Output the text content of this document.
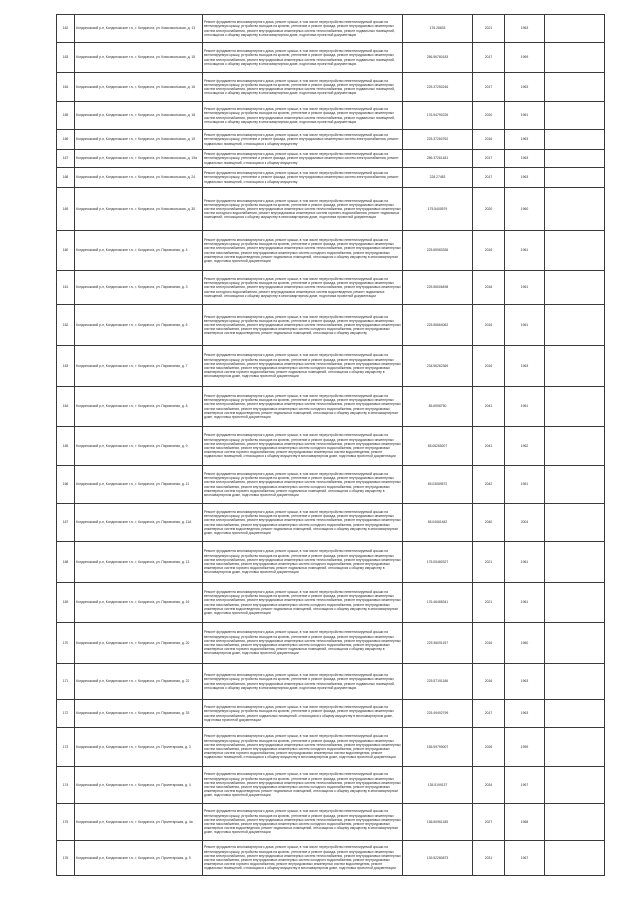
162	Кондопожский р-н, Кондопожское г.п., г. Кондопога, ул. Комсомольская, д. 13	Ремонт фундамента многоквартирного дома, ремонт крыши, в том числе переустройство невентилируемой крыши на вентилируемую крышу, устройство выходов на кровлю, утепление и ремонт фасада, ремонт внутридомовых инженерных систем электроснабжения, ремонт внутридомовых инженерных систем теплоснабжения, ремонт подвальных помещений, относящихся к общему имуществу в многоквартирном доме, подготовка проектной документации	176.26633	2021	1963	
163	Кондопожский р-н, Кондопожское г.п., г. Кондопога, ул. Комсомольская, д. 15	Ремонт фундамента многоквартирного дома, ремонт крыши, в том числе переустройство невентилируемой крыши на вентилируемую крышу, устройство выходов на кровлю, утепление и ремонт фасада, ремонт внутридомовых инженерных систем электроснабжения, ремонт внутридомовых инженерных систем теплоснабжения, ремонт подвальных помещений, относящихся к общему имуществу в многоквартирном доме, подготовка проектной документации	256.56780183	2017	1969	
164	Кондопожский р-н, Кондопожское г.п., г. Кондопога, ул. Комсомольская, д. 16	Ремонт фундамента многоквартирного дома, ремонт крыши, в том числе переустройство невентилируемой крыши на вентилируемую крышу, устройство выходов на кровлю, утепление и ремонт фасада, ремонт внутридомовых инженерных систем электроснабжения, ремонт внутридомовых инженерных систем теплоснабжения, ремонт подвальных помещений, относящихся к общему имуществу в многоквартирном доме, подготовка проектной документации	225.37250246	2017	1963	
165	Кондопожский р-н, Кондопожское г.п., г. Кондопога, ул. Комсомольская, д. 18	Ремонт фундамента многоквартирного дома, ремонт крыши, в том числе переустройство невентилируемой крыши на вентилируемую крышу, устройство выходов на кровлю, утепление и ремонт фасада, ремонт внутридомовых инженерных систем электроснабжения, ремонт внутридомовых инженерных систем теплоснабжения, ремонт подвальных помещений, относящихся к общему имуществу в многоквартирном доме, подготовка проектной документации	176.54790226	2020	1961	
166	Кондопожский р-н, Кондопожское г.п., г. Кондопога, ул. Комсомольская, д. 19	Ремонт фундамента многоквартирного дома, ремонт крыши, в том числе переустройство невентилируемой крыши на вентилируемую крышу, утепление и ремонт фасада, ремонт внутридомовых инженерных систем электроснабжения, ремонт подвальных помещений, относящихся к общему имуществу	225.37260762	2016	1963	
167	Кондопожский р-н, Кондопожское г.п., г. Кондопога, ул. Комсомольская, д. 19а	Ремонт фундамента многоквартирного дома, ремонт крыши, в том числе переустройство невентилируемой крыши на вентилируемую крышу, утепление и ремонт фасада, ремонт внутридомовых инженерных систем электроснабжения, ремонт подвальных помещений, относящихся к общему имуществу	256.37261481	2017	1963	
168	Кондопожский р-н, Кондопожское г.п., г. Кондопога, ул. Комсомольская, д. 24	Ремонт фундамента многоквартирного дома, ремонт крыши, в том числе переустройство невентилируемой крыши на вентилируемую крышу, утепление и ремонт фасада, ремонт внутридомовых инженерных систем электроснабжения, ремонт подвальных помещений, относящихся к общему имуществу	228.27483	2017	1963	
169	Кондопожский р-н, Кондопожское г.п., г. Кондопога, ул. Комсомольская, д. 30	Ремонт фундамента многоквартирного дома, ремонт крыши, в том числе переустройство невентилируемой крыши на вентилируемую крышу, устройство выходов на кровлю, утепление и ремонт фасада, ремонт внутридомовых инженерных систем электроснабжения, ремонт внутридомовых инженерных систем теплоснабжения, ремонт внутридомовых инженерных систем холодного водоснабжения, ремонт внутридомовых инженерных систем горячего водоснабжения, ремонт подвальных помещений, относящихся к общему имуществу в многоквартирном доме, подготовка проектной документации	175.5400579	2020	1960	
160	Кондопожский р-н, Кондопожское г.п., г. Кондопога, ул. Паровозная, д. 4	Ремонт фундамента многоквартирного дома, ремонт крыши, в том числе переустройство невентилируемой крыши на вентилируемую крышу, устройство выходов на кровлю, утепление и ремонт фасада, ремонт внутридомовых инженерных систем электроснабжения, ремонт внутридомовых инженерных систем теплоснабжения, ремонт внутридомовых инженерных систем газоснабжения, ремонт внутридомовых инженерных систем холодного водоснабжения, ремонт внутридомовых инженерных систем водоотведения, ремонт подвальных помещений, относящихся к общему имуществу в многоквартирном доме, подготовка проектной документации	225.85983336	2016	1961	
161	Кондопожский р-н, Кондопожское г.п., г. Кондопога, ул. Паровозная, д. 3	Ремонт фундамента многоквартирного дома, ремонт крыши, в том числе переустройство невентилируемой крыши на вентилируемую крышу, устройство выходов на кровлю, утепление и ремонт фасада, ремонт внутридомовых инженерных систем электроснабжения, ремонт внутридомовых инженерных систем теплоснабжения, ремонт внутридомовых инженерных систем холодного водоснабжения, ремонт внутридомовых инженерных систем водоотведения, ремонт подвальных помещений, относящихся к общему имуществу в многоквартирном доме, подготовка проектной документации	225.56006498	2018	1961	
162	Кондопожский р-н, Кондопожское г.п., г. Кондопога, ул. Паровозная, д. 6	Ремонт фундамента многоквартирного дома, ремонт крыши, в том числе переустройство невентилируемой крыши на вентилируемую крышу, устройство выходов на кровлю, утепление и ремонт фасада, ремонт внутридомовых инженерных систем электроснабжения, ремонт внутридомовых инженерных систем теплоснабжения, ремонт внутридомовых инженерных систем газоснабжения, ремонт внутридомовых инженерных систем холодного водоснабжения, ремонт внутридомовых инженерных систем водоотведения, ремонт подвальных помещений, относящихся к общему имуществу	225.56664062	2016	1961	
163	Кондопожский р-н, Кондопожское г.п., г. Кондопога, ул. Паровозная, д. 7	Ремонт фундамента многоквартирного дома, ремонт крыши, в том числе переустройство невентилируемой крыши на вентилируемую крышу, устройство выходов на кровлю, утепление и ремонт фасада, ремонт внутридомовых инженерных систем электроснабжения, ремонт внутридомовых инженерных систем теплоснабжения, ремонт внутридомовых инженерных систем газоснабжения, ремонт внутридомовых инженерных систем холодного водоснабжения, ремонт внутридомовых инженерных систем горячего водоснабжения, ремонт подвальных помещений, относящихся к общему имуществу в многоквартирном доме, подготовка проектной документации	234.56262369	2016	1963	
164	Кондопожский р-н, Кондопожское г.п., г. Кондопога, ул. Паровозная, д. 8	Ремонт фундамента многоквартирного дома, ремонт крыши, в том числе переустройство невентилируемой крыши на вентилируемую крышу, устройство выходов на кровлю, утепление и ремонт фасада, ремонт внутридомовых инженерных систем электроснабжения, ремонт внутридомовых инженерных систем теплоснабжения, ремонт внутридомовых инженерных систем газоснабжения, ремонт внутридомовых инженерных систем холодного водоснабжения, ремонт внутридомовых инженерных систем водоотведения, ремонт подвальных помещений, относящихся к общему имуществу в многоквартирном доме, подготовка проектной документации	85.6598750	2041	1961	
165	Кондопожский р-н, Кондопожское г.п., г. Кондопога, ул. Паровозная, д. 9	Ремонт фундамента многоквартирного дома, ремонт крыши, в том числе переустройство невентилируемой крыши на вентилируемую крышу, устройство выходов на кровлю, утепление и ремонт фасада, ремонт внутридомовых инженерных систем электроснабжения, ремонт внутридомовых инженерных систем теплоснабжения, ремонт внутридомовых инженерных систем газоснабжения, ремонт внутридомовых инженерных систем холодного водоснабжения, ремонт внутридомовых инженерных систем горячего водоснабжения, ремонт внутридомовых инженерных систем водоотведения, ремонт подвальных помещений, относящихся к общему имуществу в многоквартирном доме, подготовка проектной документации	65.06265207	2041	1962	
166	Кондопожский р-н, Кондопожское г.п., г. Кондопога, ул. Паровозная, д. 11	Ремонт фундамента многоквартирного дома, ремонт крыши, в том числе переустройство невентилируемой крыши на вентилируемую крышу, устройство выходов на кровлю, утепление и ремонт фасада, ремонт внутридомовых инженерных систем электроснабжения, ремонт внутридомовых инженерных систем теплоснабжения, ремонт внутридомовых инженерных систем газоснабжения, ремонт внутридомовых инженерных систем холодного водоснабжения, ремонт внутридомовых инженерных систем горячего водоснабжения, ремонт подвальных помещений, относящихся к общему имуществу в многоквартирном доме, подготовка проектной документации	65.03089572	2042	1961	
167	Кондопожский р-н, Кондопожское г.п., г. Кондопога, ул. Паровозная, д. 11А	Ремонт фундамента многоквартирного дома, ремонт крыши, в том числе переустройство невентилируемой крыши на вентилируемую крышу, устройство выходов на кровлю, утепление и ремонт фасада, ремонт внутридомовых инженерных систем электроснабжения, ремонт внутридомовых инженерных систем теплоснабжения, ремонт внутридомовых инженерных систем газоснабжения, ремонт внутридомовых инженерных систем холодного водоснабжения, ремонт внутридомовых инженерных систем водоотведения, ремонт подвальных помещений, относящихся к общему имуществу в многоквартирном доме, подготовка проектной документации	65.04061482	2040	2004	
168	Кондопожский р-н, Кондопожское г.п., г. Кондопога, ул. Паровозная, д. 13	Ремонт фундамента многоквартирного дома, ремонт крыши, в том числе переустройство невентилируемой крыши на вентилируемую крышу, устройство выходов на кровлю, утепление и ремонт фасада, ремонт внутридомовых инженерных систем электроснабжения, ремонт внутридомовых инженерных систем теплоснабжения, ремонт внутридомовых инженерных систем газоснабжения, ремонт внутридомовых инженерных систем холодного водоснабжения, ремонт внутридомовых инженерных систем горячего водоснабжения, ремонт подвальных помещений, относящихся к общему имуществу в многоквартирном доме, подготовка проектной документации	175.05480327	2021	1961	
169	Кондопожский р-н, Кондопожское г.п., г. Кондопога, ул. Паровозная, д. 16	Ремонт фундамента многоквартирного дома, ремонт крыши, в том числе переустройство невентилируемой крыши на вентилируемую крышу, устройство выходов на кровлю, утепление и ремонт фасада, ремонт внутридомовых инженерных систем электроснабжения, ремонт внутридомовых инженерных систем теплоснабжения, ремонт внутридомовых инженерных систем газоснабжения, ремонт внутридомовых инженерных систем холодного водоснабжения, ремонт внутридомовых инженерных систем водоотведения, ремонт подвальных помещений, относящихся к общему имуществу в многоквартирном доме, подготовка проектной документации	176.46488341	2021	1961	
170	Кондопожский р-н, Кондопожское г.п., г. Кондопога, ул. Паровозная, д. 20	Ремонт фундамента многоквартирного дома, ремонт крыши, в том числе переустройство невентилируемой крыши на вентилируемую крышу, устройство выходов на кровлю, утепление и ремонт фасада, ремонт внутридомовых инженерных систем электроснабжения, ремонт внутридомовых инженерных систем теплоснабжения, ремонт внутридомовых инженерных систем газоснабжения, ремонт внутридомовых инженерных систем холодного водоснабжения, ремонт внутридомовых инженерных систем горячего водоснабжения, ремонт подвальных помещений, относящихся к общему имуществу в многоквартирном доме, подготовка проектной документации	225.36091157	2016	1960	
171	Кондопожский р-н, Кондопожское г.п., г. Кондопога, ул. Паровозная, д. 22	Ремонт фундамента многоквартирного дома, ремонт крыши, в том числе переустройство невентилируемой крыши на вентилируемую крышу, устройство выходов на кровлю, утепление и ремонт фасада, ремонт внутридомовых инженерных систем электроснабжения, ремонт внутридомовых инженерных систем теплоснабжения, ремонт подвальных помещений, относящихся к общему имуществу в многоквартирном доме, подготовка проектной документации	225.57191186	2016	1963	
172	Кондопожский р-н, Кондопожское г.п., г. Кондопога, ул. Паровозная, д. 33	Ремонт фундамента многоквартирного дома, ремонт крыши, в том числе переустройство невентилируемой крыши на вентилируемую крышу, устройство выходов на кровлю, утепление и ремонт фасада, ремонт внутридомовых инженерных систем электроснабжения, ремонт подвальных помещений, относящихся к общему имуществу в многоквартирном доме, подготовка проектной документации	225.49492799	2017	1963	
173	Кондопожский р-н, Кондопожское г.п., г. Кондопога, ул. Пролетарская, д. 3	Ремонт фундамента многоквартирного дома, ремонт крыши, в том числе переустройство невентилируемой крыши на вентилируемую крышу, устройство выходов на кровлю, утепление и ремонт фасада, ремонт внутридомовых инженерных систем электроснабжения, ремонт внутридомовых инженерных систем теплоснабжения, ремонт внутридомовых инженерных систем газоснабжения, ремонт внутридомовых инженерных систем холодного водоснабжения, ремонт внутридомовых инженерных систем горячего водоснабжения, ремонт внутридомовых инженерных систем водоотведения, ремонт подвальных помещений, относящихся к общему имуществу в многоквартирном доме, подготовка проектной документации	155.59799007	2026	1959	
174	Кондопожский р-н, Кондопожское г.п., г. Кондопога, ул. Пролетарская, д. 4	Ремонт фундамента многоквартирного дома, ремонт крыши, в том числе переустройство невентилируемой крыши на вентилируемую крышу, устройство выходов на кровлю, утепление и ремонт фасада, ремонт внутридомовых инженерных систем электроснабжения, ремонт внутридомовых инженерных систем теплоснабжения, ремонт внутридомовых инженерных систем газоснабжения, ремонт внутридомовых инженерных систем холодного водоснабжения, ремонт внутридомовых инженерных систем водоотведения, ремонт подвальных помещений, относящихся к общему имуществу в многоквартирном доме, подготовка проектной документации	135.5199137	2034	1967	
175	Кондопожский р-н, Кондопожское г.п., г. Кондопога, ул. Пролетарская, д. 4а	Ремонт фундамента многоквартирного дома, ремонт крыши, в том числе переустройство невентилируемой крыши на вентилируемую крышу, устройство выходов на кровлю, утепление и ремонт фасада, ремонт внутридомовых инженерных систем электроснабжения, ремонт внутридомовых инженерных систем теплоснабжения, ремонт внутридомовых инженерных систем газоснабжения, ремонт внутридомовых инженерных систем холодного водоснабжения, ремонт внутридомовых инженерных систем водоотведения, ремонт подвальных помещений, относящихся к общему имуществу в многоквартирном доме, подготовка проектной документации	156.50961185	2027	1968	
176	Кондопожский р-н, Кондопожское г.п., г. Кондопога, ул. Пролетарская, д. 5	Ремонт фундамента многоквартирного дома, ремонт крыши, в том числе переустройство невентилируемой крыши на вентилируемую крышу, устройство выходов на кровлю, утепление и ремонт фасада, ремонт внутридомовых инженерных систем электроснабжения, ремонт внутридомовых инженерных систем теплоснабжения, ремонт внутридомовых инженерных систем газоснабжения, ремонт внутридомовых инженерных систем холодного водоснабжения, ремонт внутридомовых инженерных систем горячего водоснабжения, ремонт внутридомовых инженерных систем водоотведения, ремонт подвальных помещений, относящихся к общему имуществу в многоквартирном доме, подготовка проектной документации	139.52280873	2031	1967	
